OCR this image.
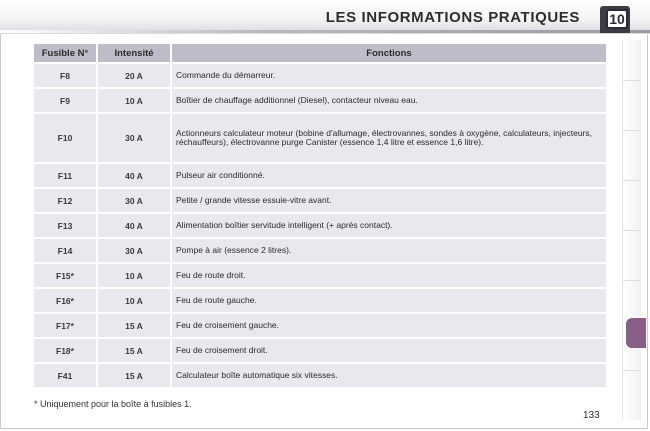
LES INFORMATIONS PRATIQUES 10
Fusible N°	Intensité	Fonctions
F8	20 A	Commande du démarreur.
F9	10 A	Boîtier de chauffage additionnel (Diesel), contacteur niveau eau.
F10	30 A	Actionneurs calculateur moteur (bobine d'allumage, électrovannes, sondes à oxygène, calculateurs, injecteurs, réchauffeurs), électrovanne purge Canister (essence 1,4 litre et essence 1,6 litre).
F11	40 A	Pulseur air conditionné.
F12	30 A	Petite / grande vitesse essuie-vitre avant.
F13	40 A	Alimentation boîtier servitude intelligent (+ après contact).
F14	30 A	Pompe à air (essence 2 litres).
F15*	10 A	Feu de route droit.
F16*	10 A	Feu de route gauche.
F17*	15 A	Feu de croisement gauche.
F18*	15 A	Feu de croisement droit.
F41	15 A	Calculateur boîte automatique six vitesses.
* Uniquement pour la boîte à fusibles 1.
133
